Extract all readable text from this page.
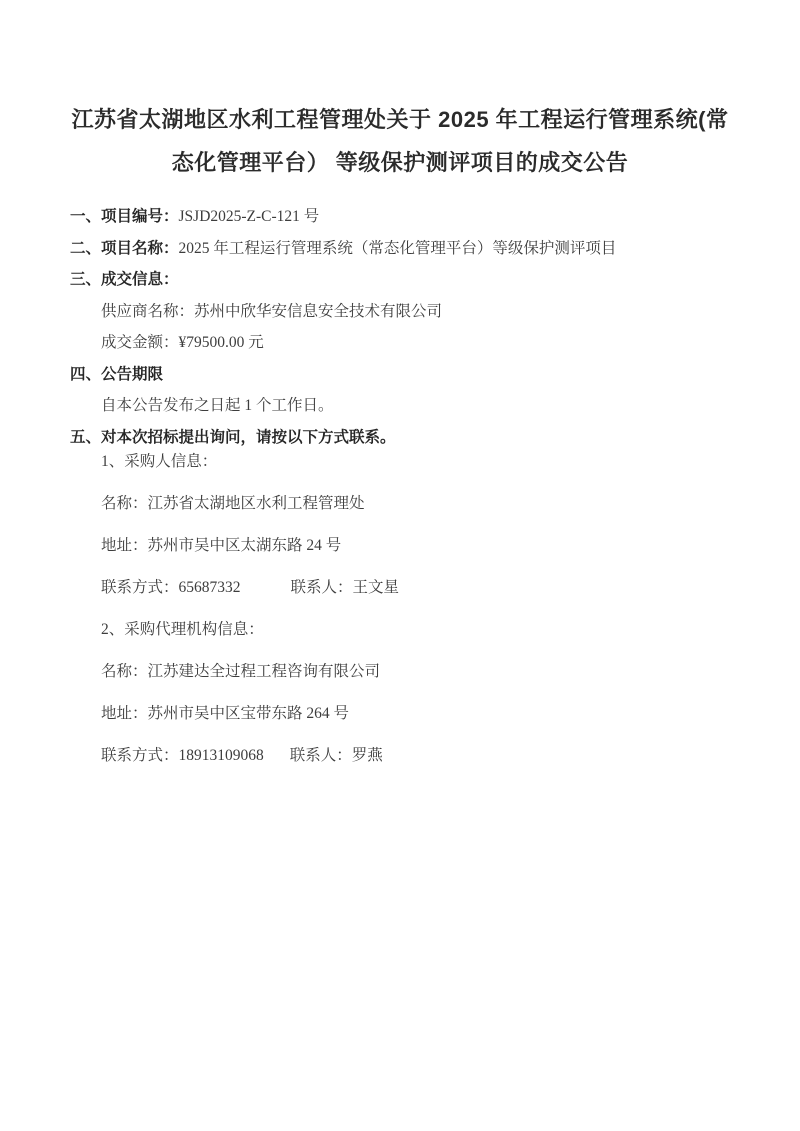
江苏省太湖地区水利工程管理处关于 2025 年工程运行管理系统(常
态化管理平台） 等级保护测评项目的成交公告
一、项目编号：JSJD2025-Z-C-121 号
二、项目名称：2025 年工程运行管理系统（常态化管理平台）等级保护测评项目
三、成交信息：
供应商名称：苏州中欣华安信息安全技术有限公司
成交金额：¥79500.00 元
四、公告期限
自本公告发布之日起 1 个工作日。
五、对本次招标提出询问，请按以下方式联系。
1、采购人信息：
名称：江苏省太湖地区水利工程管理处
地址：苏州市吴中区太湖东路 24 号
联系方式：65687332	联系人：王文星
2、采购代理机构信息：
名称：江苏建达全过程工程咨询有限公司
地址：苏州市吴中区宝带东路 264 号
联系方式：18913109068 联系人：罗燕
